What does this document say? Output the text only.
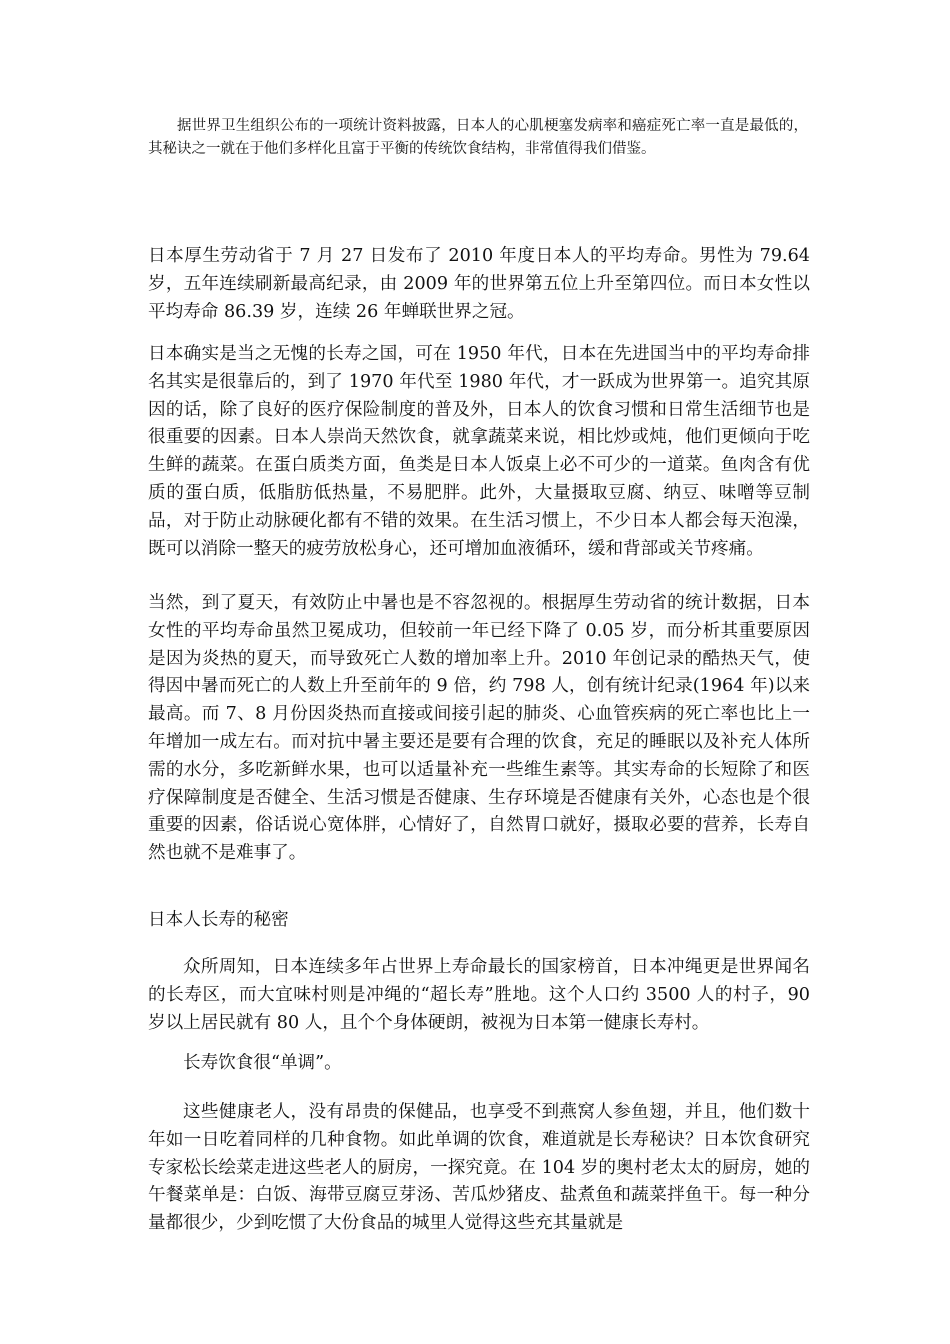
据世界卫生组织公布的一项统计资料披露，日本人的心肌梗塞发病率和癌症死亡率一直是最低的，其秘诀之一就在于他们多样化且富于平衡的传统饮食结构，非常值得我们借鉴。

日本厚生劳动省于 7 月 27 日发布了 2010 年度日本人的平均寿命。男性为 79.64 岁，五年连续刷新最高纪录，由 2009 年的世界第五位上升至第四位。而日本女性以平均寿命 86.39 岁，连续 26 年蝉联世界之冠。

日本确实是当之无愧的长寿之国，可在 1950 年代，日本在先进国当中的平均寿命排名其实是很靠后的，到了 1970 年代至 1980 年代，才一跃成为世界第一。追究其原因的话，除了良好的医疗保险制度的普及外，日本人的饮食习惯和日常生活细节也是很重要的因素。日本人崇尚天然饮食，就拿蔬菜来说，相比炒或炖，他们更倾向于吃生鲜的蔬菜。在蛋白质类方面，鱼类是日本人饭桌上必不可少的一道菜。鱼肉含有优质的蛋白质，低脂肪低热量，不易肥胖。此外，大量摄取豆腐、纳豆、味噌等豆制品，对于防止动脉硬化都有不错的效果。在生活习惯上，不少日本人都会每天泡澡，既可以消除一整天的疲劳放松身心，还可增加血液循环，缓和背部或关节疼痛。

当然，到了夏天，有效防止中暑也是不容忽视的。根据厚生劳动省的统计数据，日本女性的平均寿命虽然卫冕成功，但较前一年已经下降了 0.05 岁，而分析其重要原因是因为炎热的夏天，而导致死亡人数的增加率上升。2010 年创记录的酷热天气，使得因中暑而死亡的人数上升至前年的 9 倍，约 798 人，创有统计纪录(1964 年)以来最高。而 7、8 月份因炎热而直接或间接引起的肺炎、心血管疾病的死亡率也比上一年增加一成左右。而对抗中暑主要还是要有合理的饮食，充足的睡眠以及补充人体所需的水分，多吃新鲜水果，也可以适量补充一些维生素等。其实寿命的长短除了和医疗保障制度是否健全、生活习惯是否健康、生存环境是否健康有关外，心态也是个很重要的因素，俗话说心宽体胖，心情好了，自然胃口就好，摄取必要的营养，长寿自然也就不是难事了。

日本人长寿的秘密

众所周知，日本连续多年占世界上寿命最长的国家榜首，日本冲绳更是世界闻名的长寿区，而大宜味村则是冲绳的“超长寿”胜地。这个人口约 3500 人的村子，90 岁以上居民就有 80 人，且个个身体硬朗，被视为日本第一健康长寿村。

长寿饮食很“单调”。

这些健康老人，没有昂贵的保健品，也享受不到燕窝人参鱼翅，并且，他们数十年如一日吃着同样的几种食物。如此单调的饮食，难道就是长寿秘诀？日本饮食研究专家松长绘菜走进这些老人的厨房，一探究竟。在 104 岁的奥村老太太的厨房，她的午餐菜单是：白饭、海带豆腐豆芽汤、苦瓜炒猪皮、盐煮鱼和蔬菜拌鱼干。每一种分量都很少，少到吃惯了大份食品的城里人觉得这些充其量就是
